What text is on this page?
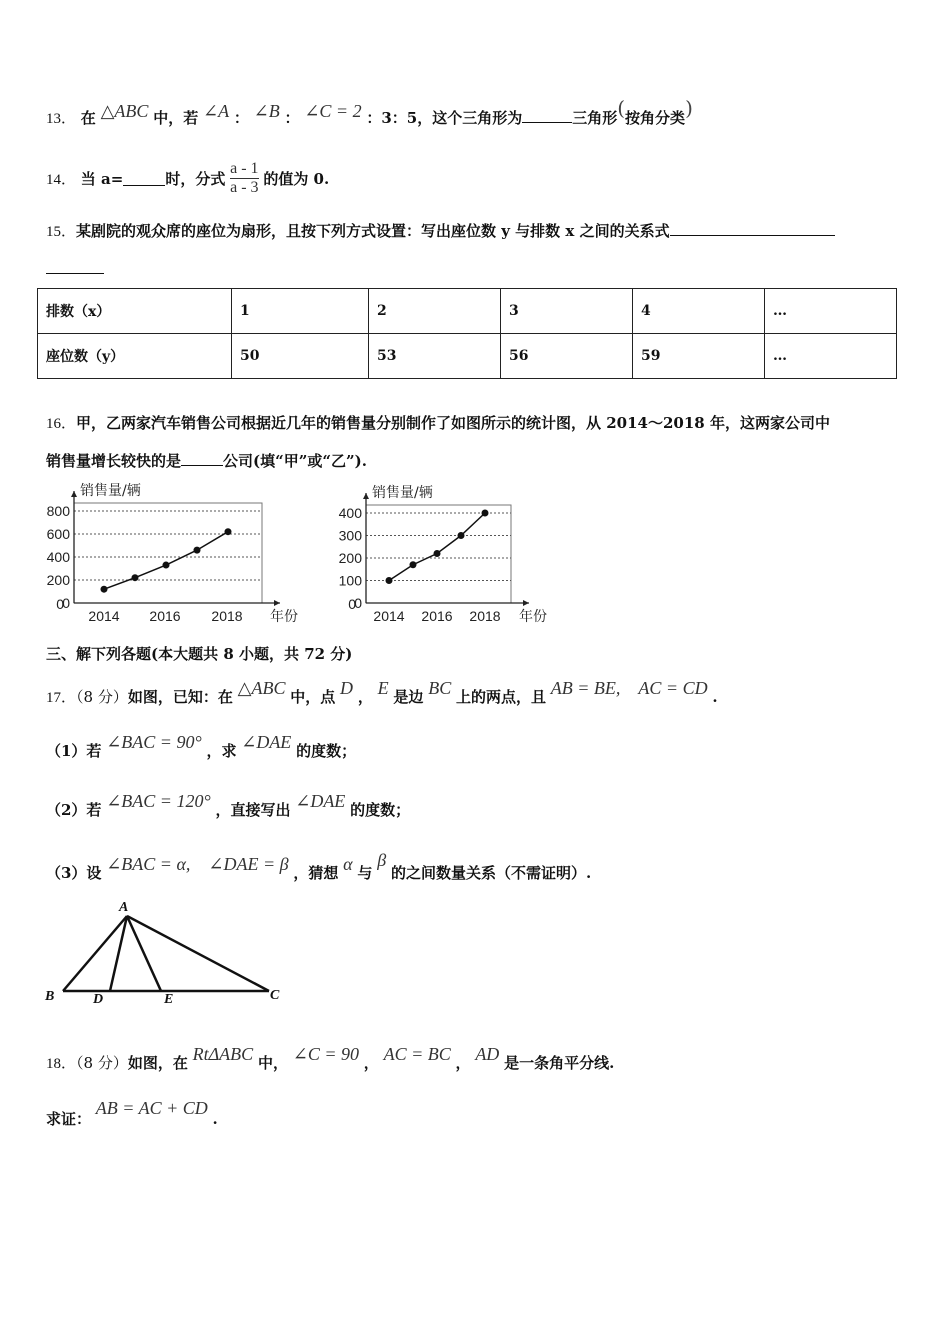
13． 在 △ABC 中，若 ∠A ： ∠B ： ∠C = 2 ：3：5，这个三角形为	三角形(按角分类)
14． 当 a=	时，分式 $\frac{a - 1}{a - 3}$ 的值为 0.
15．某剧院的观众席的座位为扇形，且按下列方式设置：写出座位数 y 与排数 x 之间的关系式
排数（x）	1	2	3	4	…
座位数（y）	50	53	56	59	…
16．甲，乙两家汽车销售公司根据近几年的销售量分别制作了如图所示的统计图，从 2014～2018 年，这两家公司中
销售量增长较快的是	公司(填“甲”或“乙”).
0
200
400
600
800
2014 2016 2018
0
销售量/辆
年份
0
100
200
300
400
2014 2016 2018
0
销售量/辆
年份
三、解下列各题(本大题共 8 小题，共 72 分)
17．（8 分）如图，已知：在 △ABC 中，点 D ， E 是边 BC 上的两点，且 AB = BE,　AC = CD .
（1）若 ∠BAC = 90° ，求 ∠DAE 的度数；
（2）若 ∠BAC = 120° ，直接写出 ∠DAE 的度数；
（3）设 ∠BAC = α,　∠DAE = β ，猜想 α 与 β 的之间数量关系（不需证明）.
A
B	C
D	E
18．（8 分）如图，在 RtΔABC 中， ∠C = 90 ， AC = BC ， AD 是一条角平分线.
求证： AB = AC + CD .
